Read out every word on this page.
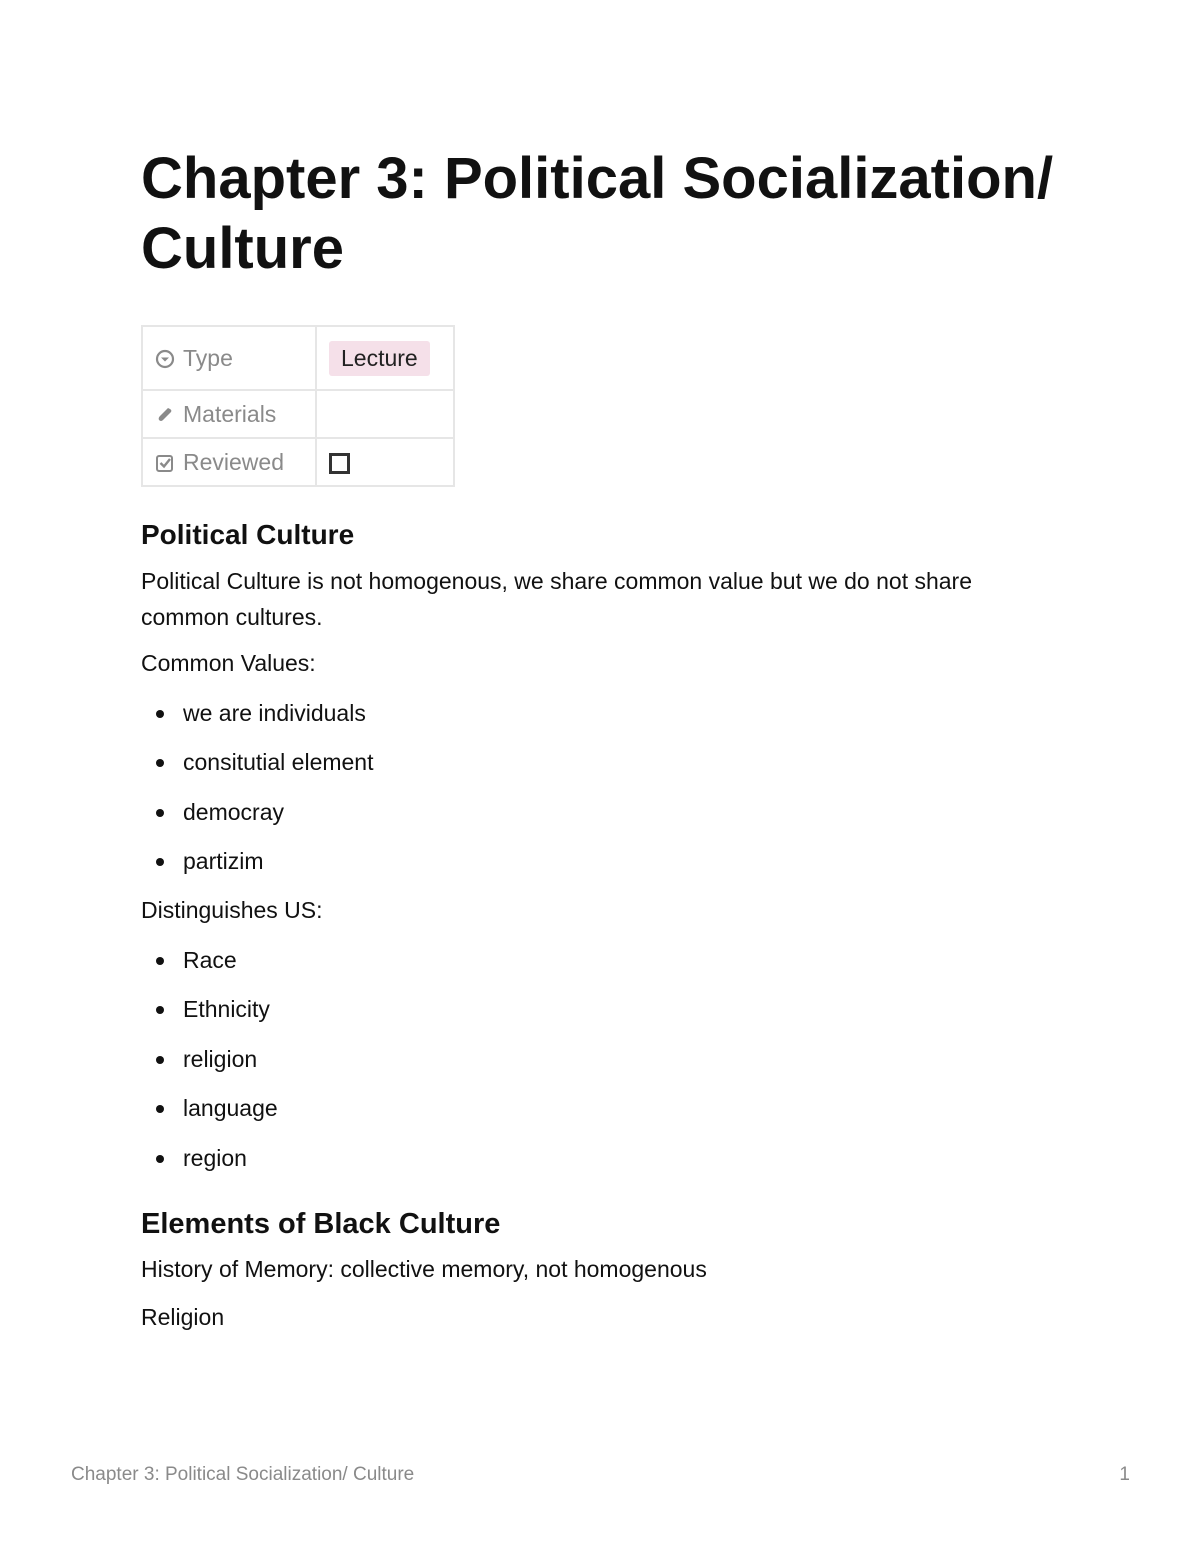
Chapter 3: Political Socialization/ Culture
Type	Lecture
Materials	
Reviewed	
Political Culture

Political Culture is not homogenous, we share common value but we do not share

common cultures.

Common Values:

we are individuals
consitutial element
democray
partizim

Distinguishes US:

Race
Ethnicity
religion
language
region
Elements of Black Culture

History of Memory: collective memory, not homogenous

Religion

Chapter 3: Political Socialization/ Culture	1
